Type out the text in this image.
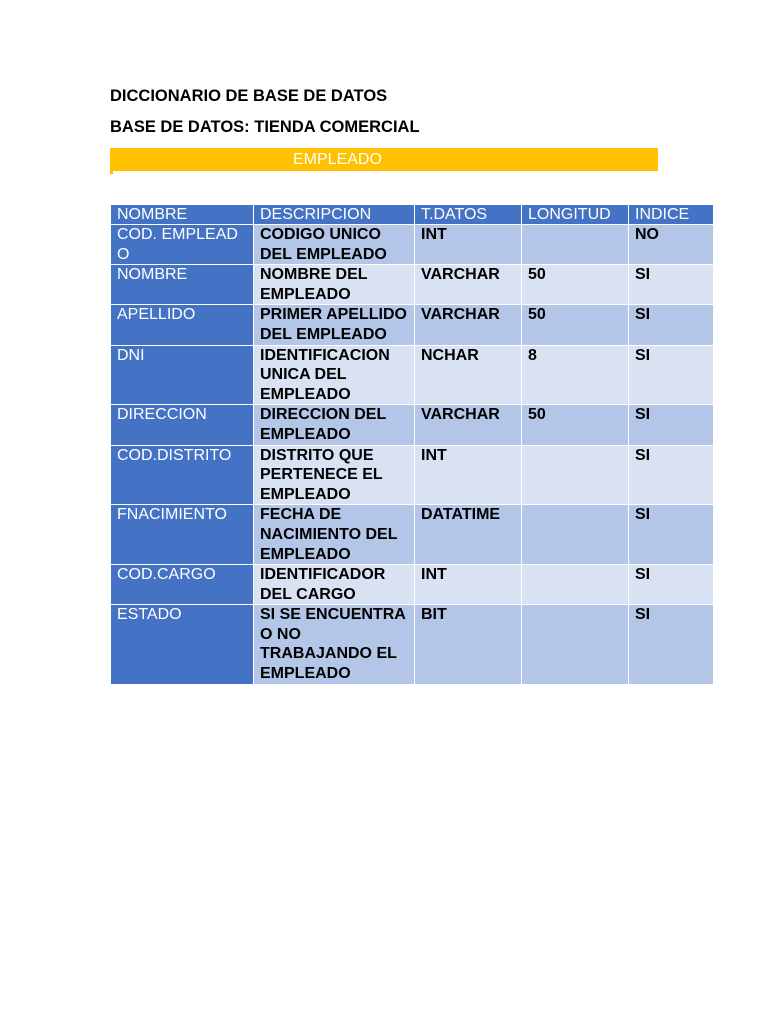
DICCIONARIO DE BASE DE DATOS
BASE DE DATOS: TIENDA COMERCIAL
EMPLEADO
NOMBRE	DESCRIPCION	T.DATOS	LONGITUD	INDICE
COD. EMPLEADO	CODIGO UNICO DEL EMPLEADO	INT		NO
NOMBRE	NOMBRE DEL EMPLEADO	VARCHAR	50	SI
APELLIDO	PRIMER APELLIDO DEL EMPLEADO	VARCHAR	50	SI
DNI	IDENTIFICACION UNICA DEL EMPLEADO	NCHAR	8	SI
DIRECCION	DIRECCION DEL EMPLEADO	VARCHAR	50	SI
COD.DISTRITO	DISTRITO QUE PERTENECE EL EMPLEADO	INT		SI
FNACIMIENTO	FECHA DE NACIMIENTO DEL EMPLEADO	DATATIME		SI
COD.CARGO	IDENTIFICADOR DEL CARGO	INT		SI
ESTADO	SI SE ENCUENTRA O NO TRABAJANDO EL EMPLEADO	BIT		SI
